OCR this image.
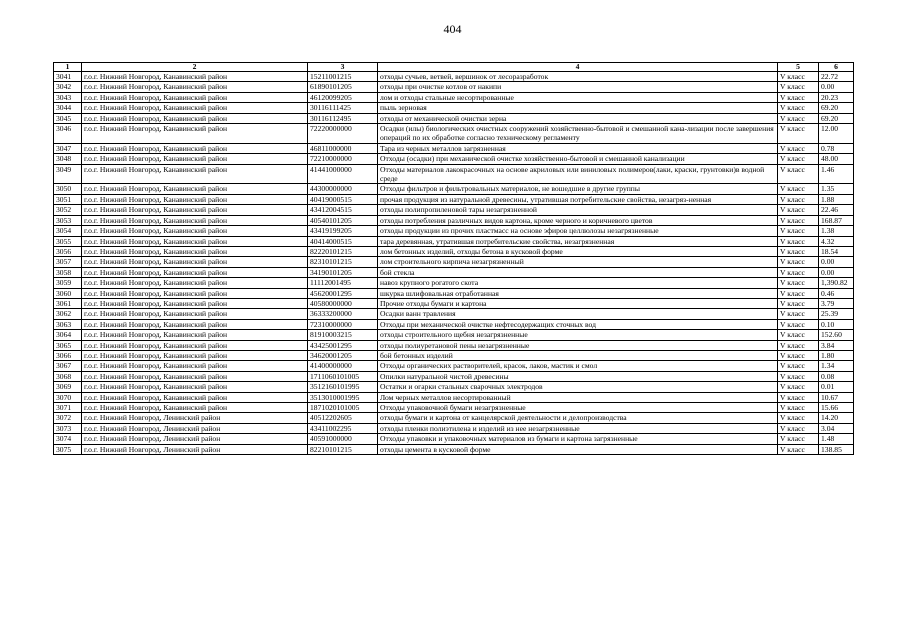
404
1	2	3	4	5	6
3041	г.о.г. Нижний Новгород, Канавинский район	15211001215	отходы сучьев, ветвей, вершинок от лесоразработок	V класс	22.72
3042	г.о.г. Нижний Новгород, Канавинский район	61890101205	отходы при очистке котлов от накипи	V класс	0.00
3043	г.о.г. Нижний Новгород, Канавинский район	46120099205	лом и отходы стальные несортированные	V класс	20.23
3044	г.о.г. Нижний Новгород, Канавинский район	30116111425	пыль зерновая	V класс	69.20
3045	г.о.г. Нижний Новгород, Канавинский район	30116112495	отходы от механической очистки зерна	V класс	69.20
3046	г.о.г. Нижний Новгород, Канавинский район	72220000000	Осадки (илы) биологических очистных сооружений хозяйственно-бытовой и смешанной кана-лизации после завершения операций по их обработке согласно техническому регламенту	V класс	12.00
3047	г.о.г. Нижний Новгород, Канавинский район	46811000000	Тара из черных металлов загрязненная	V класс	0.78
3048	г.о.г. Нижний Новгород, Канавинский район	72210000000	Отходы (осадки) при механической очистке хозяйственно-бытовой и смешанной канализации	V класс	48.00
3049	г.о.г. Нижний Новгород, Канавинский район	41441000000	Отходы материалов лакокрасочных на основе акриловых или виниловых полимеров(лаки, краски, грунтовки)в водной среде	V класс	1.46
3050	г.о.г. Нижний Новгород, Канавинский район	44300000000	Отходы фильтров и фильтровальных материалов, не вошедшие в другие группы	V класс	1.35
3051	г.о.г. Нижний Новгород, Канавинский район	40419000515	прочая продукция из натуральной древесины, утратившая потребительские свойства, незагряз-ненная	V класс	1.88
3052	г.о.г. Нижний Новгород, Канавинский район	43412004515	отходы полипропиленовой тары незагрязненной	V класс	22.46
3053	г.о.г. Нижний Новгород, Канавинский район	40540101205	отходы потребления различных видов картона, кроме черного и коричневого цветов	V класс	168.87
3054	г.о.г. Нижний Новгород, Канавинский район	43419199205	отходы продукции из прочих пластмасс на основе эфиров целлюлозы незагрязненные	V класс	1.38
3055	г.о.г. Нижний Новгород, Канавинский район	40414000515	тара деревянная, утратившая потребительские свойства, незагрязненная	V класс	4.32
3056	г.о.г. Нижний Новгород, Канавинский район	82220101215	лом бетонных изделий, отходы бетона в кусковой форме	V класс	18.54
3057	г.о.г. Нижний Новгород, Канавинский район	82310101215	лом строительного кирпича незагрязненный	V класс	0.00
3058	г.о.г. Нижний Новгород, Канавинский район	34190101205	бой стекла	V класс	0.00
3059	г.о.г. Нижний Новгород, Канавинский район	11112001495	навоз крупного рогатого скота	V класс	1,390.82
3060	г.о.г. Нижний Новгород, Канавинский район	45620001295	шкурка шлифовальная отработанная	V класс	0.46
3061	г.о.г. Нижний Новгород, Канавинский район	40580000000	Прочие отходы бумаги и картона	V класс	3.79
3062	г.о.г. Нижний Новгород, Канавинский район	36333200000	Осадки ванн травления	V класс	25.39
3063	г.о.г. Нижний Новгород, Канавинский район	72310000000	Отходы при механической очистке нефтесодержащих сточных вод	V класс	0.10
3064	г.о.г. Нижний Новгород, Канавинский район	81910003215	отходы строительного щебня незагрязненные	V класс	152.60
3065	г.о.г. Нижний Новгород, Канавинский район	43425001295	отходы полиуретановой пены незагрязненные	V класс	3.84
3066	г.о.г. Нижний Новгород, Канавинский район	34620001205	бой бетонных изделий	V класс	1.80
3067	г.о.г. Нижний Новгород, Канавинский район	41400000000	Отходы органических растворителей, красок, лаков, мастик и смол	V класс	1.34
3068	г.о.г. Нижний Новгород, Канавинский район	1711060101005	Опилки натуральной чистой древесины	V класс	0.08
3069	г.о.г. Нижний Новгород, Канавинский район	3512160101995	Остатки и огарки стальных сварочных электродов	V класс	0.01
3070	г.о.г. Нижний Новгород, Канавинский район	3513010001995	Лом черных металлов несортированный	V класс	10.67
3071	г.о.г. Нижний Новгород, Канавинский район	1871020101005	Отходы упаковочной бумаги незагрязненные	V класс	15.66
3072	г.о.г. Нижний Новгород, Ленинский район	40512202605	отходы бумаги и картона от канцелярской деятельности и делопроизводства	V класс	14.20
3073	г.о.г. Нижний Новгород, Ленинский район	43411002295	отходы пленки полиэтилена и изделий из нее незагрязненные	V класс	3.04
3074	г.о.г. Нижний Новгород, Ленинский район	40591000000	Отходы упаковки и упаковочных материалов из бумаги и картона загрязненные	V класс	1.48
3075	г.о.г. Нижний Новгород, Ленинский район	82210101215	отходы цемента в кусковой форме	V класс	138.85
